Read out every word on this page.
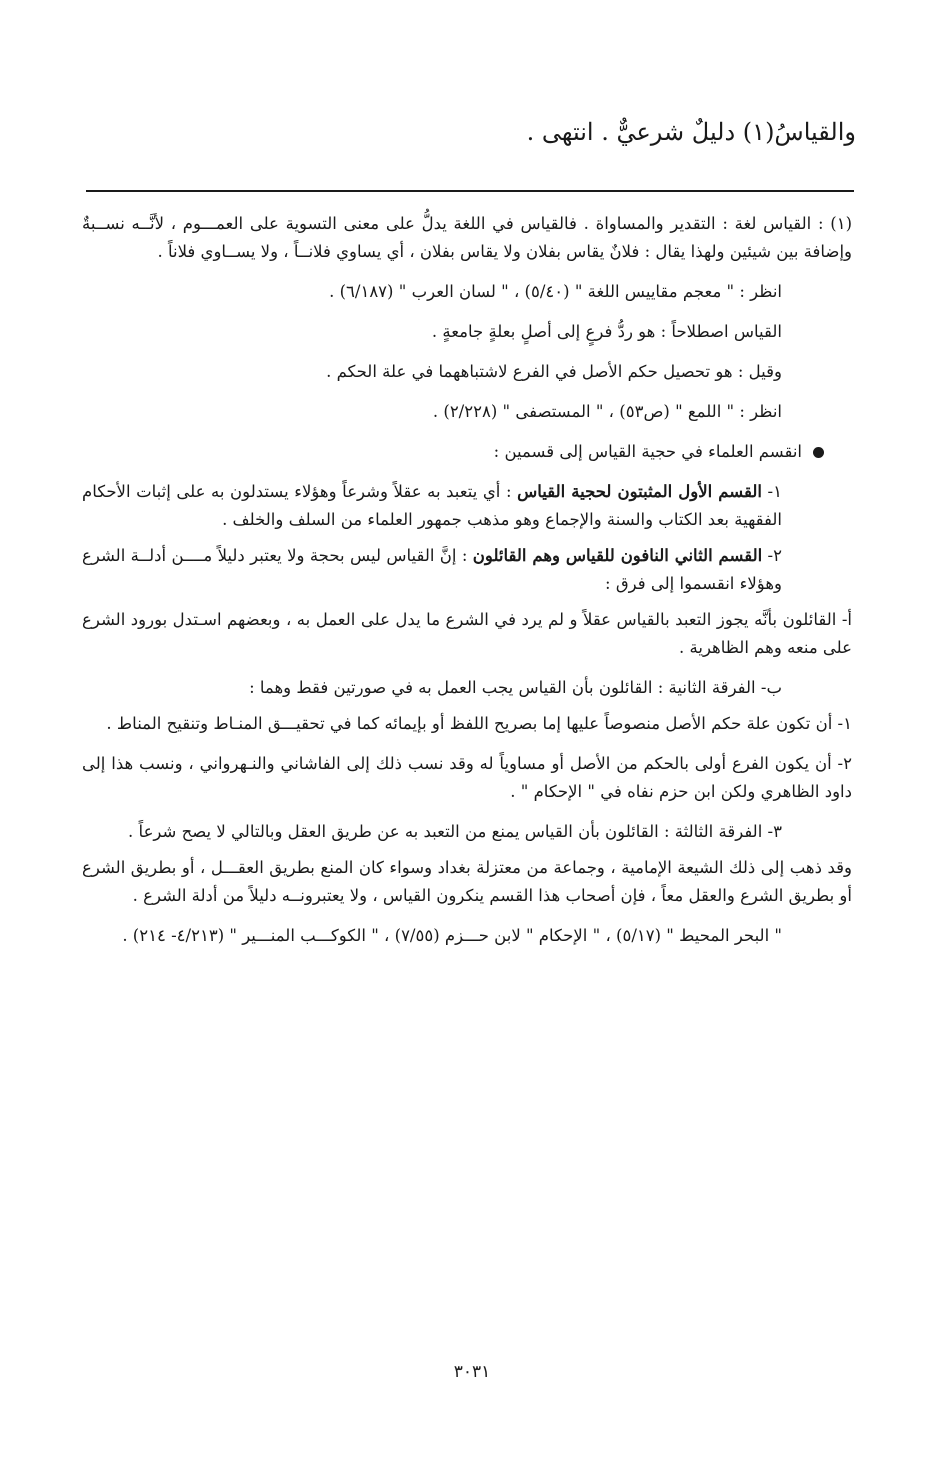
والقياسُ(١) دليلٌ شرعيٌّ . انتهى .

(١) : القياس لغة : التقدير والمساواة . فالقياس في اللغة يدلُّ على معنى التسوية على العمـــوم ، لأنَّــه نســبةٌ وإضافة بين شيئين ولهذا يقال : فلانٌ يقاس بفلان ولا يقاس بفلان ، أي يساوي فلانــاً ، ولا يســاوي فلاناً .

انظر : " معجم مقاييس اللغة " (٥/٤٠) ، " لسان العرب " (٦/١٨٧) .

القياس اصطلاحاً : هو ردُّ فرعٍ إلى أصلٍ بعلةٍ جامعةٍ .

وقيل : هو تحصيل حكم الأصل في الفرع لاشتباههما في علة الحكم .

انظر : " اللمع " (ص٥٣) ، " المستصفى " (٢/٢٢٨) .

انقسم العلماء في حجية القياس إلى قسمين :

١- القسم الأول المثبتون لحجية القياس : أي يتعبد به عقلاً وشرعاً وهؤلاء يستدلون به على إثبات الأحكام الفقهية بعد الكتاب والسنة والإجماع وهو مذهب جمهور العلماء من السلف والخلف .

٢- القسم الثاني النافون للقياس وهم القائلون : إنَّ القياس ليس بحجة ولا يعتبر دليلاً مــــن أدلــة الشرع وهؤلاء انقسموا إلى فرق :

أ- القائلون بأنَّه يجوز التعبد بالقياس عقلاً و لم يرد في الشرع ما يدل على العمل به ، وبعضهم اسـتدل بورود الشرع على منعه وهم الظاهرية .

ب- الفرقة الثانية : القائلون بأن القياس يجب العمل به في صورتين فقط وهما :

١- أن تكون علة حكم الأصل منصوصاً عليها إما بصريح اللفظ أو بإيمائه كما في تحقيـــق المنـاط وتنقيح المناط .

٢- أن يكون الفرع أولى بالحكم من الأصل أو مساوياً له وقد نسب ذلك إلى الفاشاني والنـهرواني ، ونسب هذا إلى داود الظاهري ولكن ابن حزم نفاه في " الإحكام " .

٣- الفرقة الثالثة : القائلون بأن القياس يمنع من التعبد به عن طريق العقل وبالتالي لا يصح شرعاً .

وقد ذهب إلى ذلك الشيعة الإمامية ، وجماعة من معتزلة بغداد وسواء كان المنع بطريق العقـــل ، أو بطريق الشرع أو بطريق الشرع والعقل معاً ، فإن أصحاب هذا القسم ينكرون القياس ، ولا يعتبرونــه دليلاً من أدلة الشرع .

" البحر المحيط " (٥/١٧) ، " الإحكام " لابن حـــزم (٧/٥٥) ، " الكوكـــب المنـــير " (٤/٢١٣- ٢١٤) .

٣٠٣١
